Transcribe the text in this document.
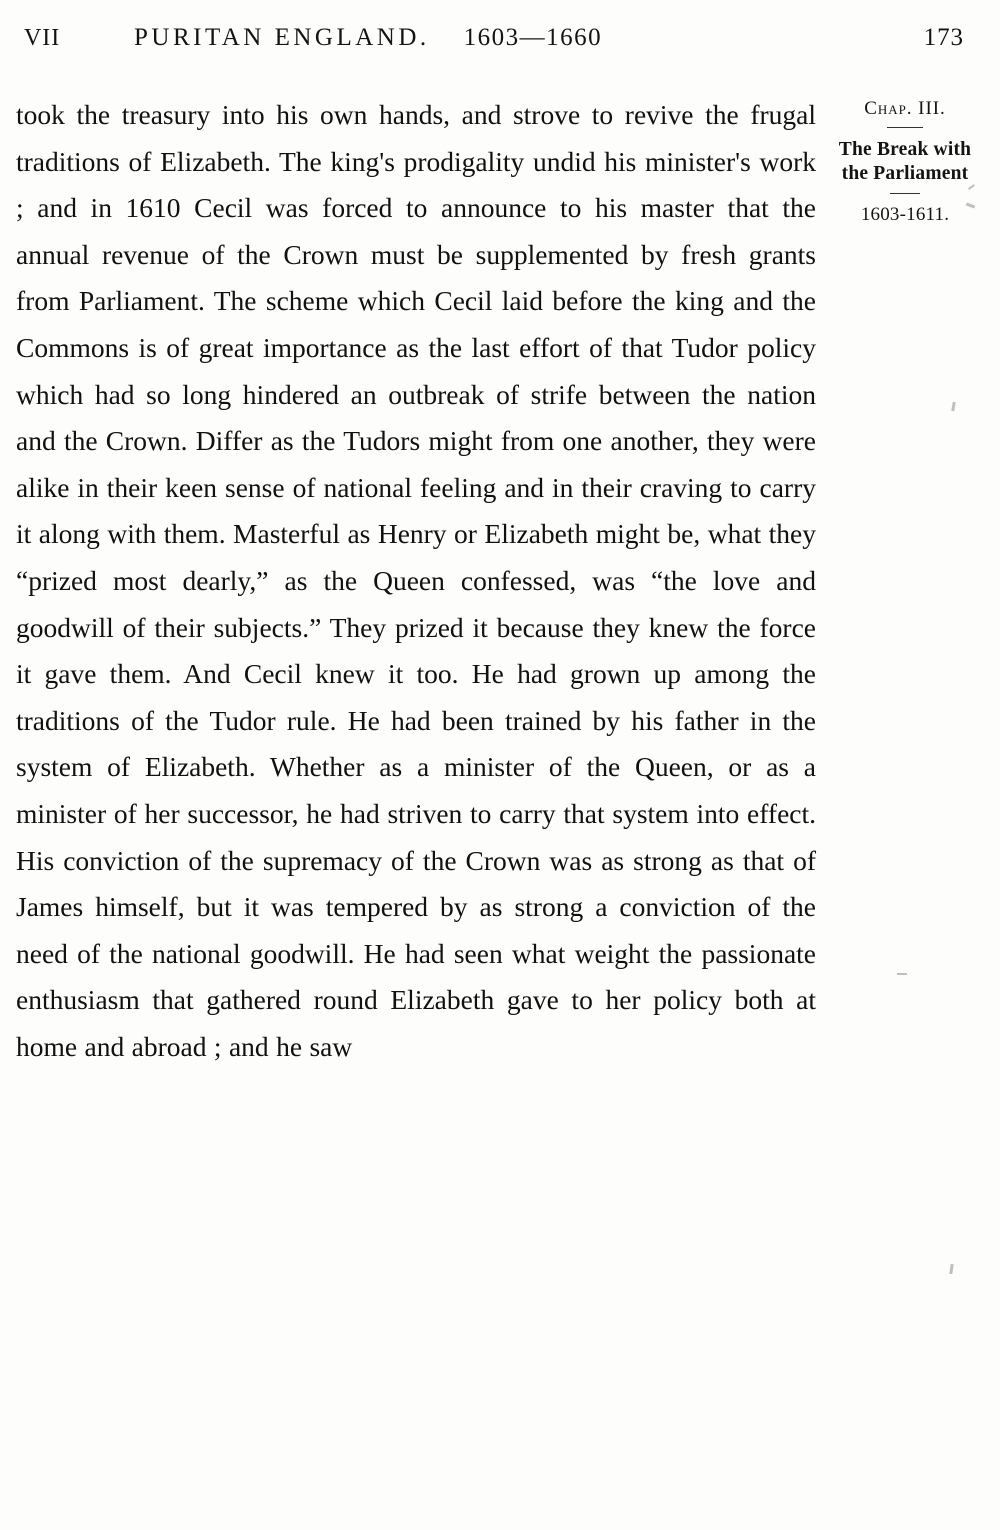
VII	PURITAN ENGLAND. 1603—1660	173

took the treasury into his own hands, and strove to revive the frugal traditions of Elizabeth. The king's prodigality undid his minister's work ; and in 1610 Cecil was forced to announce to his master that the annual revenue of the Crown must be supplemented by fresh grants from Parliament. The scheme which Cecil laid before the king and the Commons is of great importance as the last effort of that Tudor policy which had so long hindered an outbreak of strife between the nation and the Crown. Differ as the Tudors might from one another, they were alike in their keen sense of national feeling and in their craving to carry it along with them. Masterful as Henry or Elizabeth might be, what they “prized most dearly,” as the Queen confessed, was “the love and goodwill of their subjects.” They prized it because they knew the force it gave them. And Cecil knew it too. He had grown up among the traditions of the Tudor rule. He had been trained by his father in the system of Elizabeth. Whether as a minister of the Queen, or as a minister of her successor, he had striven to carry that system into effect. His conviction of the supremacy of the Crown was as strong as that of James himself, but it was tempered by as strong a conviction of the need of the national goodwill. He had seen what weight the passionate enthusiasm that gathered round Elizabeth gave to her policy both at home and abroad ; and he saw

Chap. III.
The Break with the Parliament
1603-1611.
